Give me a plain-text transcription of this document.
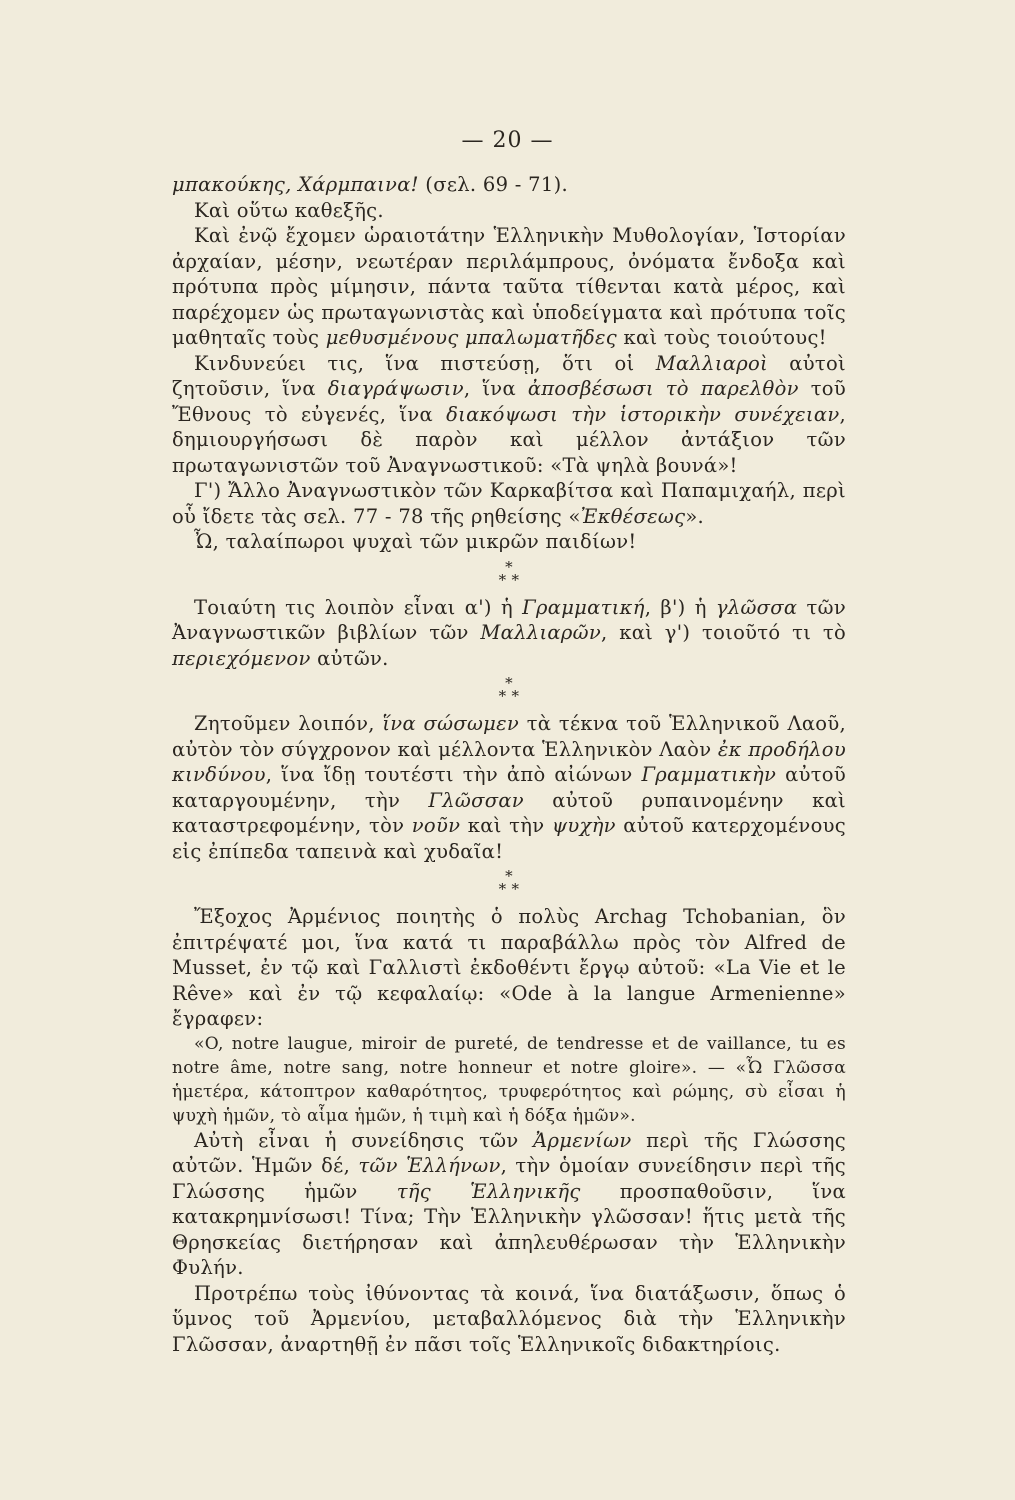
— 20 —

μπακούκης, Χάρμπαινα! (σελ. 69 - 71).

Καὶ οὕτω καθεξῆς.

Καὶ ἐνῷ ἔχομεν ὡραιοτάτην Ἑλληνικὴν Μυθολογίαν, Ἱστορίαν ἀρχαίαν, μέσην, νεωτέραν περιλάμπρους, ὀνόματα ἔνδοξα καὶ πρότυπα πρὸς μίμησιν, πάντα ταῦτα τίθενται κατὰ μέρος, καὶ παρέχομεν ὡς πρωταγωνιστὰς καὶ ὑποδείγματα καὶ πρότυπα τοῖς μαθηταῖς τοὺς μεθυσμένους μπαλωματῆδες καὶ τοὺς τοιούτους!

Κινδυνεύει τις, ἵνα πιστεύσῃ, ὅτι οἱ Μαλλιαροὶ αὐτοὶ ζητοῦσιν, ἵνα διαγράψωσιν, ἵνα ἀποσβέσωσι τὸ παρελθὸν τοῦ Ἔθνους τὸ εὐγενές, ἵνα διακόψωσι τὴν ἱστορικὴν συνέχειαν, δημιουργήσωσι δὲ παρὸν καὶ μέλλον ἀντάξιον τῶν πρωταγωνιστῶν τοῦ Ἀναγνωστικοῦ: «Τὰ ψηλὰ βουνά»!

Γ') Ἄλλο Ἀναγνωστικὸν τῶν Καρκαβίτσα καὶ Παπαμιχαήλ, περὶ οὗ ἴδετε τὰς σελ. 77 - 78 τῆς ρηθείσης «Ἐκθέσεως».

Ὦ, ταλαίπωροι ψυχαὶ τῶν μικρῶν παιδίων!

*
* *

Τοιαύτη τις λοιπὸν εἶναι α') ἡ Γραμματική, β') ἡ γλῶσσα τῶν Ἀναγνωστικῶν βιβλίων τῶν Μαλλιαρῶν, καὶ γ') τοιοῦτό τι τὸ περιεχόμενον αὐτῶν.

*
* *

Ζητοῦμεν λοιπόν, ἵνα σώσωμεν τὰ τέκνα τοῦ Ἑλληνικοῦ Λαοῦ, αὐτὸν τὸν σύγχρονον καὶ μέλλοντα Ἑλληνικὸν Λαὸν ἐκ προδήλου κινδύνου, ἵνα ἴδῃ τουτέστι τὴν ἀπὸ αἰώνων Γραμματικὴν αὐτοῦ καταργουμένην, τὴν Γλῶσσαν αὐτοῦ ρυπαινομένην καὶ καταστρεφομένην, τὸν νοῦν καὶ τὴν ψυχὴν αὐτοῦ κατερχομένους εἰς ἐπίπεδα ταπεινὰ καὶ χυδαῖα!

*
* *

Ἔξοχος Ἀρμένιος ποιητὴς ὁ πολὺς Archag Tchobanian, ὃν ἐπιτρέψατέ μοι, ἵνα κατά τι παραβάλλω πρὸς τὸν Alfred de Musset, ἐν τῷ καὶ Γαλλιστὶ ἐκδοθέντι ἔργῳ αὐτοῦ: «La Vie et le Rêve» καὶ ἐν τῷ κεφαλαίῳ: «Ode à la langue Armenienne» ἔγραφεν:

«O, notre laugue, miroir de pureté, de tendresse et de vaillance, tu es notre âme, notre sang, notre honneur et notre gloire». — «Ὦ Γλῶσσα ἡμετέρα, κάτοπτρον καθαρότητος, τρυφερότητος καὶ ρώμης, σὺ εἶσαι ἡ ψυχὴ ἡμῶν, τὸ αἷμα ἡμῶν, ἡ τιμὴ καὶ ἡ δόξα ἡμῶν».

Αὐτὴ εἶναι ἡ συνείδησις τῶν Ἀρμενίων περὶ τῆς Γλώσσης αὐτῶν. Ἡμῶν δέ, τῶν Ἑλλήνων, τὴν ὁμοίαν συνείδησιν περὶ τῆς Γλώσσης ἡμῶν τῆς Ἑλληνικῆς προσπαθοῦσιν, ἵνα κατακρημνίσωσι! Τίνα; Τὴν Ἑλληνικὴν γλῶσσαν! ἥτις μετὰ τῆς Θρησκείας διετήρησαν καὶ ἀπηλευθέρωσαν τὴν Ἑλληνικὴν Φυλήν.

Προτρέπω τοὺς ἰθύνοντας τὰ κοινά, ἵνα διατάξωσιν, ὅπως ὁ ὕμνος τοῦ Ἀρμενίου, μεταβαλλόμενος διὰ τὴν Ἑλληνικὴν Γλῶσσαν, ἀναρτηθῇ ἐν πᾶσι τοῖς Ἑλληνικοῖς διδακτηρίοις.
